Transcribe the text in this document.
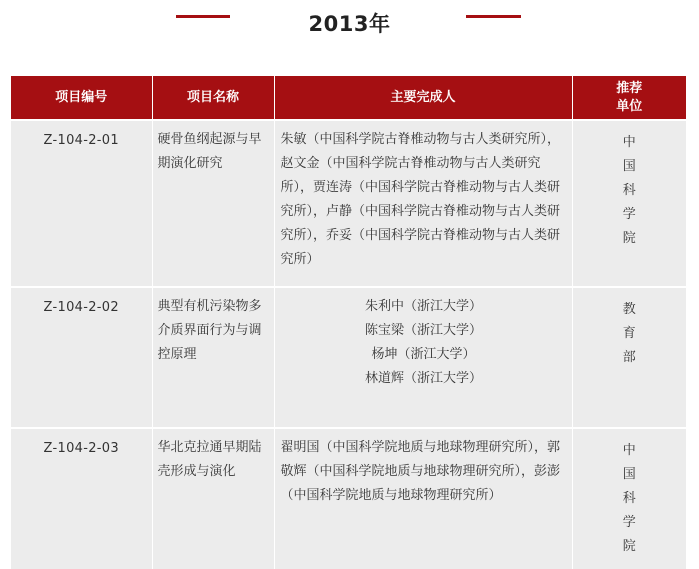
2013年
项目编号	项目名称	主要完成人	推荐
单位
Z-104-2-01	硬骨鱼纲起源与早期演化研究	朱敏（中国科学院古脊椎动物与古人类研究所），赵文金（中国科学院古脊椎动物与古人类研究所），贾连涛（中国科学院古脊椎动物与古人类研究所），卢静（中国科学院古脊椎动物与古人类研究所），乔妥（中国科学院古脊椎动物与古人类研究所）	中
国
科
学
院

Z-104-2-02	典型有机污染物多介质界面行为与调控原理	朱利中（浙江大学）
陈宝梁（浙江大学）
杨坤（浙江大学）
林道辉（浙江大学）	教
育
部

Z-104-2-03	华北克拉通早期陆壳形成与演化	翟明国（中国科学院地质与地球物理研究所），郭敬辉（中国科学院地质与地球物理研究所），彭澎（中国科学院地质与地球物理研究所）	中
国
科
学
院
